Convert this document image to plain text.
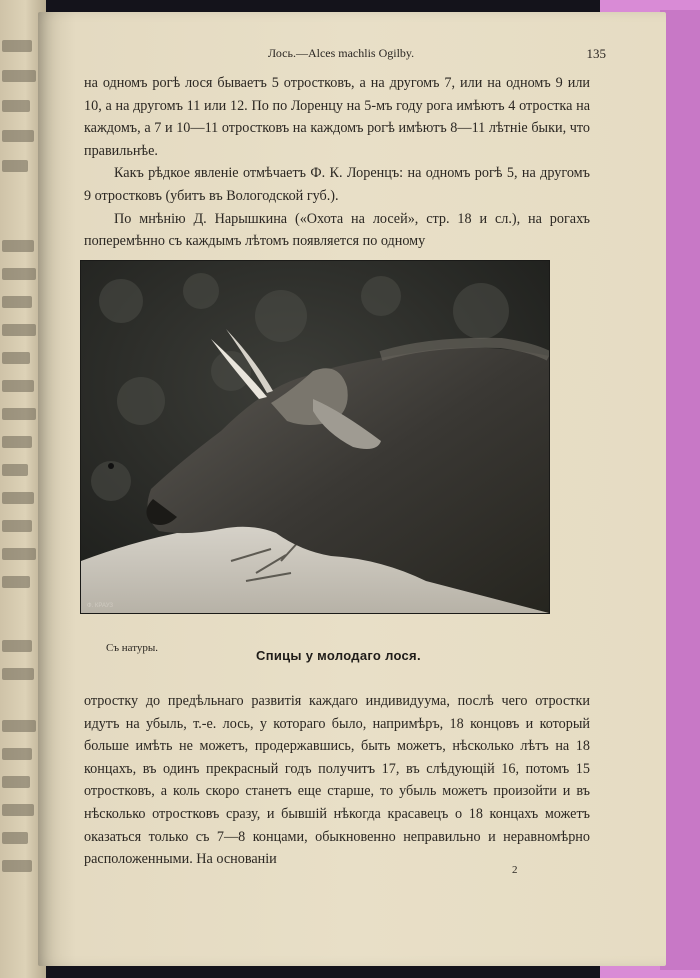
Лось.—Alces machlis Ogilby.	135

на одномъ рогѣ лося бываетъ 5 отростковъ, а на другомъ 7, или на одномъ 9 или 10, а на другомъ 11 или 12. По по Лоренцу на 5-мъ году рога имѣютъ 4 отростка на каждомъ, а 7 и 10—11 отростковъ на каждомъ рогѣ имѣютъ 8—11 лѣтніе быки, что правильнѣе.

Какъ рѣдкое явленіе отмѣчаетъ Ф. К. Лоренцъ: на одномъ рогѣ 5, на другомъ 9 отростковъ (убитъ въ Вологодской губ.).

По мнѣнію Д. Нарышкина («Охота на лосей», стр. 18 и сл.), на рогахъ поперемѣнно съ каждымъ лѣтомъ появляется по одному

Ф. КРАУЗ
Съ натуры.	Спицы у молодаго лося.

отростку до предѣльнаго развитія каждаго индивидуума, послѣ чего отростки идутъ на убыль, т.-е. лось, у котораго было, напримѣръ, 18 концовъ и который больше имѣть не можетъ, продержавшись, быть можетъ, нѣсколько лѣтъ на 18 концахъ, въ одинъ прекрасный годъ получитъ 17, въ слѣдующій 16, потомъ 15 отростковъ, а коль скоро станетъ еще старше, то убыль можетъ произойти и въ нѣсколько отростковъ сразу, и бывшій нѣкогда красавецъ о 18 концахъ можетъ оказаться только съ 7—8 концами, обыкновенно неправильно и неравномѣрно расположенными. На основаніи

2
